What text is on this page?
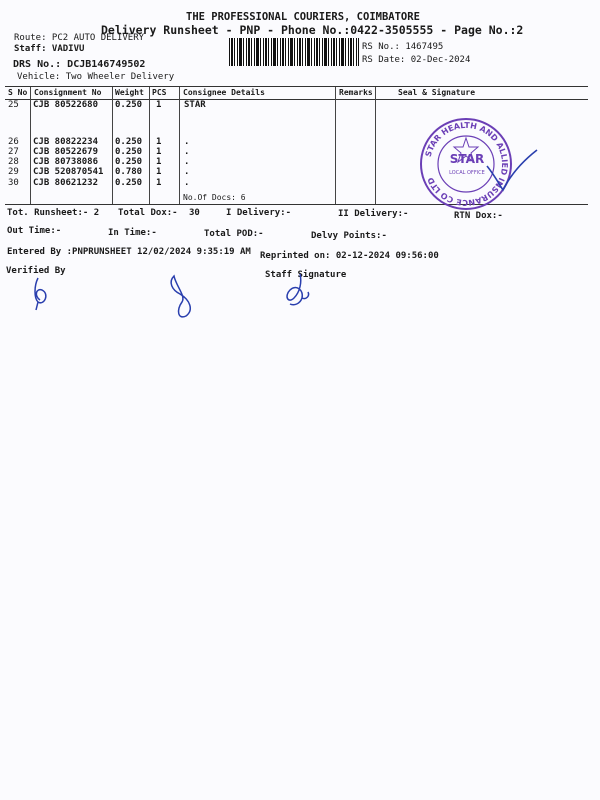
THE PROFESSIONAL COURIERS, COIMBATORE
Delivery Runsheet - PNP - Phone No.:0422-3505555 - Page No.:2
Route: PC2 AUTO DELIVERY
Staff: VADIVU
DRS No.: DCJB146749502
Vehicle: Two Wheeler Delivery
RS No.: 1467495
RS Date: 02-Dec-2024
S No Consignment No Weight PCS Consignee Details	Remarks	Seal & Signature
25 CJB 80522680 0.250 1	STAR
26 CJB 80822234 0.250 1	.
27 CJB 80522679 0.250 1	.
28 CJB 80738086 0.250 1	.
29 CJB 520870541 0.780 1	.
30 CJB 80621232 0.250 1	.
No.Of Docs: 6
STAR HEALTH AND ALLIED INSURANCE CO LTD
STAR
LOCAL OFFICE
Tot. Runsheet:- 2 Total Dox:- 30	I Delivery:-	II Delivery:-	RTN Dox:-
Out Time:-	In Time:-	Total POD:-	Delvy Points:-
Entered By :PNPRUNSHEET 12/02/2024 9:35:19 AM Reprinted on: 02-12-2024 09:56:00
Verified By	Staff Signature
